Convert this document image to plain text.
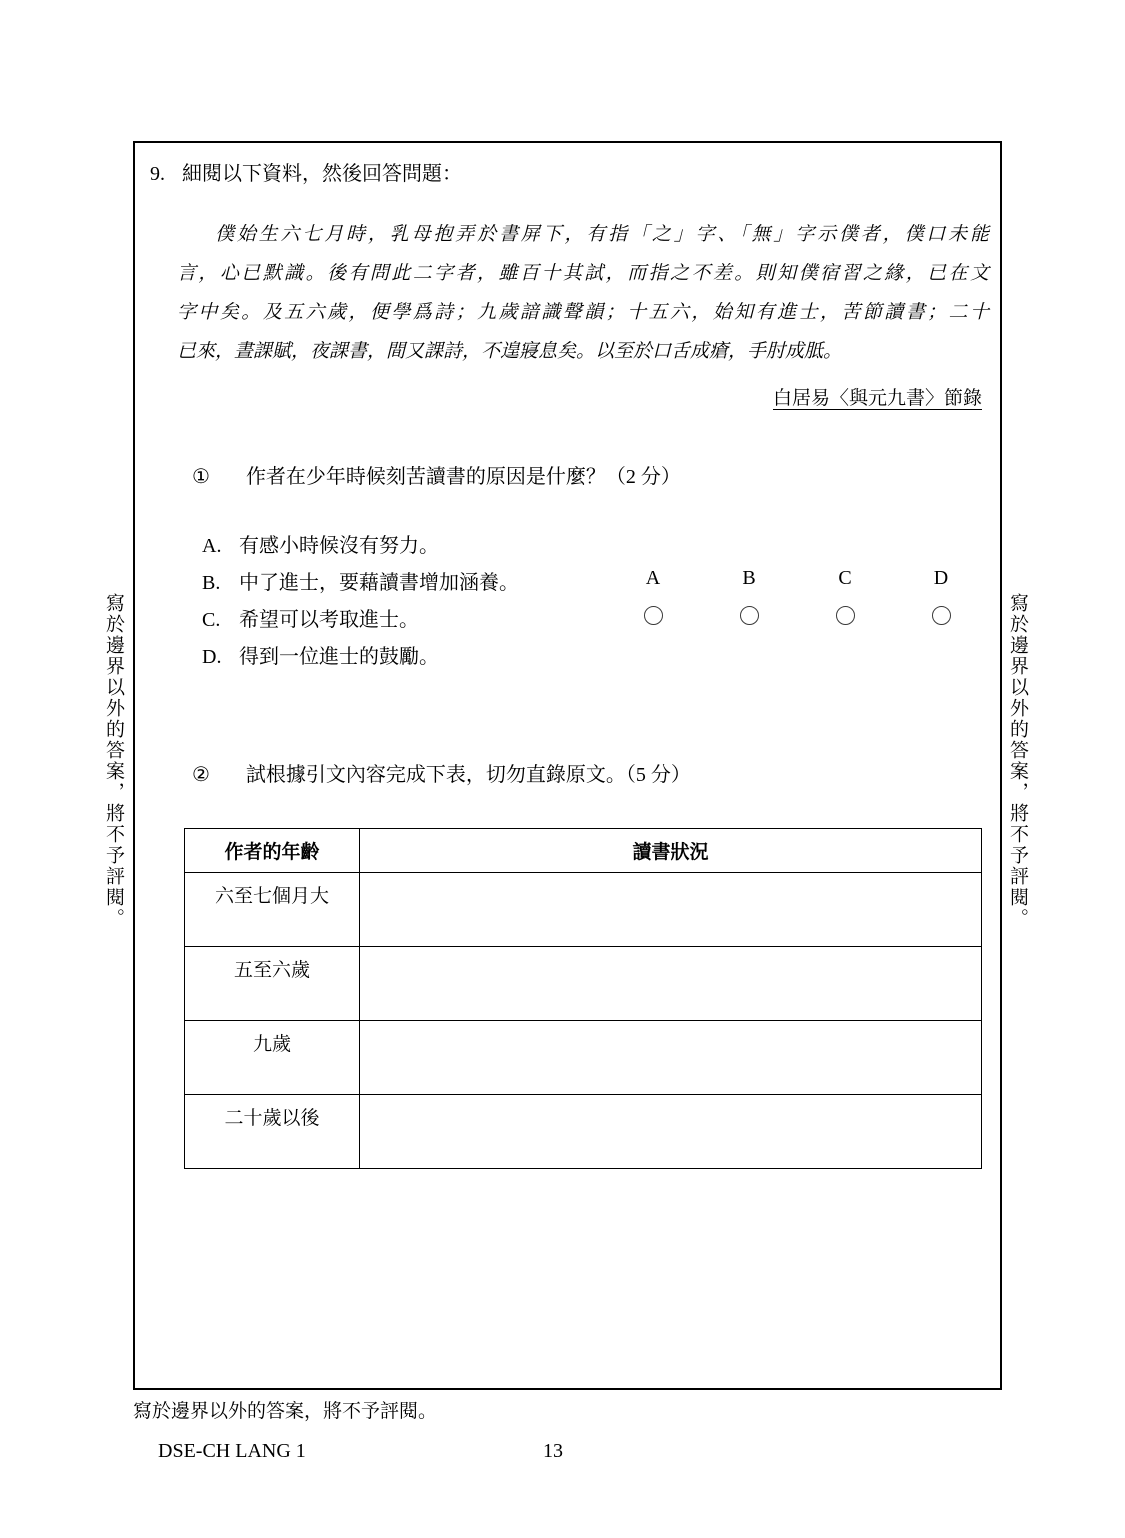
寫於邊界以外的答案，將不予評閱。	寫於邊界以外的答案，將不予評閱。
9. 細閱以下資料，然後回答問題：
僕始生六七月時，乳母抱弄於書屏下，有指「之」字、「無」字示僕者，僕口未能
言，心已默識。後有問此二字者，雖百十其試，而指之不差。則知僕宿習之緣，已在文
字中矣。及五六歲，便學爲詩；九歲諳識聲韻；十五六，始知有進士，苦節讀書；二十
已來，晝課賦，夜課書，間又課詩，不遑寢息矣。以至於口舌成瘡，手肘成胝。
白居易〈與元九書〉節錄
① 作者在少年時候刻苦讀書的原因是什麼？（2 分）
A. 有感小時候沒有努力。
B. 中了進士，要藉讀書增加涵養。
C. 希望可以考取進士。
D. 得到一位進士的鼓勵。
A	B	C	D
② 試根據引文內容完成下表，切勿直錄原文。（5 分）
作者的年齡	讀書狀況
六至七個月大	
五至六歲	
九歲	
二十歲以後	
寫於邊界以外的答案，將不予評閱。
DSE-CH LANG 1	13
